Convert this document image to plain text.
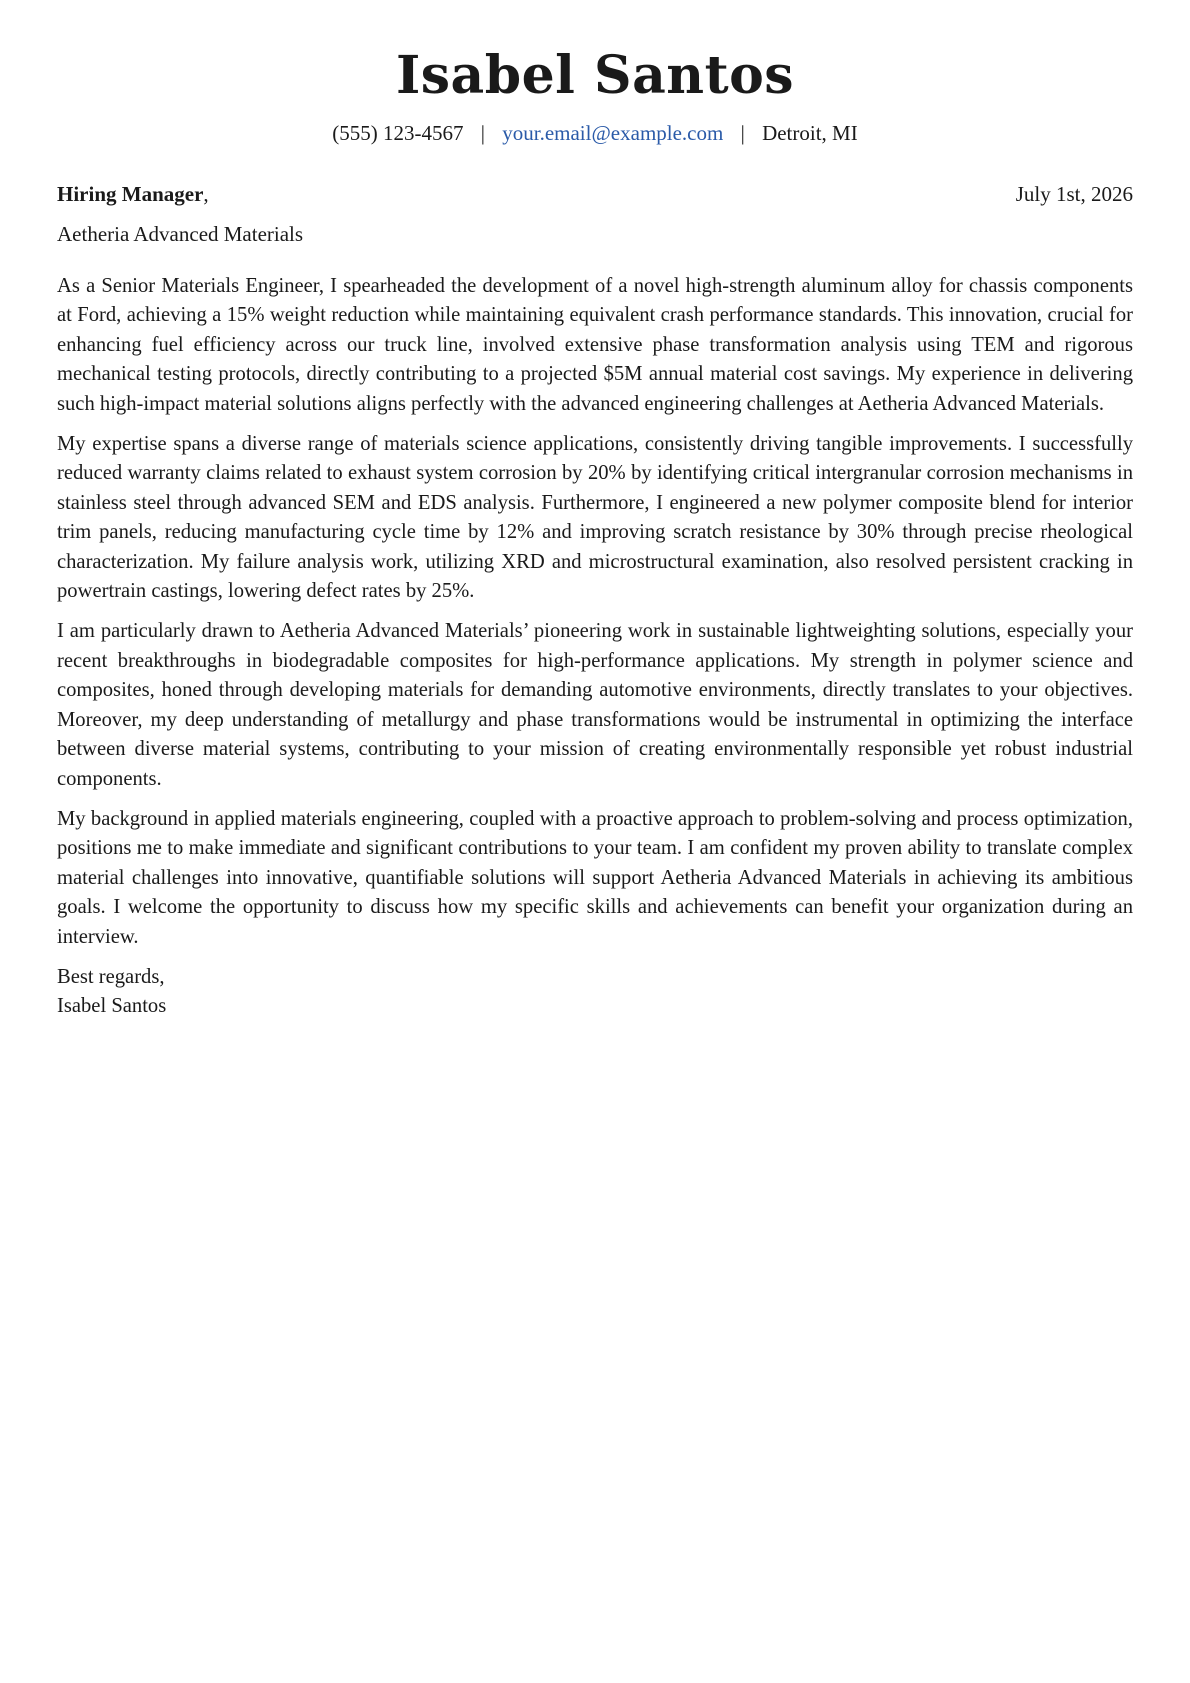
Isabel Santos
(555) 123-4567 | your.email@example.com | Detroit, MI
Hiring Manager,	July 1st, 2026
Aetheria Advanced Materials

As a Senior Materials Engineer, I spearheaded the development of a novel high-strength aluminum alloy for chassis components at Ford, achieving a 15% weight reduction while maintaining equivalent crash performance standards. This innovation, crucial for enhancing fuel efficiency across our truck line, involved extensive phase transformation analysis using TEM and rigorous mechanical testing protocols, directly contributing to a projected $5M annual material cost savings. My experience in delivering such high-impact material solutions aligns perfectly with the advanced engineering challenges at Aetheria Advanced Materials.

My expertise spans a diverse range of materials science applications, consistently driving tangible improvements. I successfully reduced warranty claims related to exhaust system corrosion by 20% by identifying critical intergranular corrosion mechanisms in stainless steel through advanced SEM and EDS analysis. Furthermore, I engineered a new polymer composite blend for interior trim panels, reducing manufacturing cycle time by 12% and improving scratch resistance by 30% through precise rheological characterization. My failure analysis work, utilizing XRD and microstructural examination, also resolved persistent cracking in powertrain castings, lowering defect rates by 25%.

I am particularly drawn to Aetheria Advanced Materials’ pioneering work in sustainable lightweighting solutions, especially your recent breakthroughs in biodegradable composites for high-performance applications. My strength in polymer science and composites, honed through developing materials for demanding automotive environments, directly translates to your objectives. Moreover, my deep understanding of metallurgy and phase transformations would be instrumental in optimizing the interface between diverse material systems, contributing to your mission of creating environmentally responsible yet robust industrial components.

My background in applied materials engineering, coupled with a proactive approach to problem-solving and process optimization, positions me to make immediate and significant contributions to your team. I am confident my proven ability to translate complex material challenges into innovative, quantifiable solutions will support Aetheria Advanced Materials in achieving its ambitious goals. I welcome the opportunity to discuss how my specific skills and achievements can benefit your organization during an interview.

Best regards,
Isabel Santos
